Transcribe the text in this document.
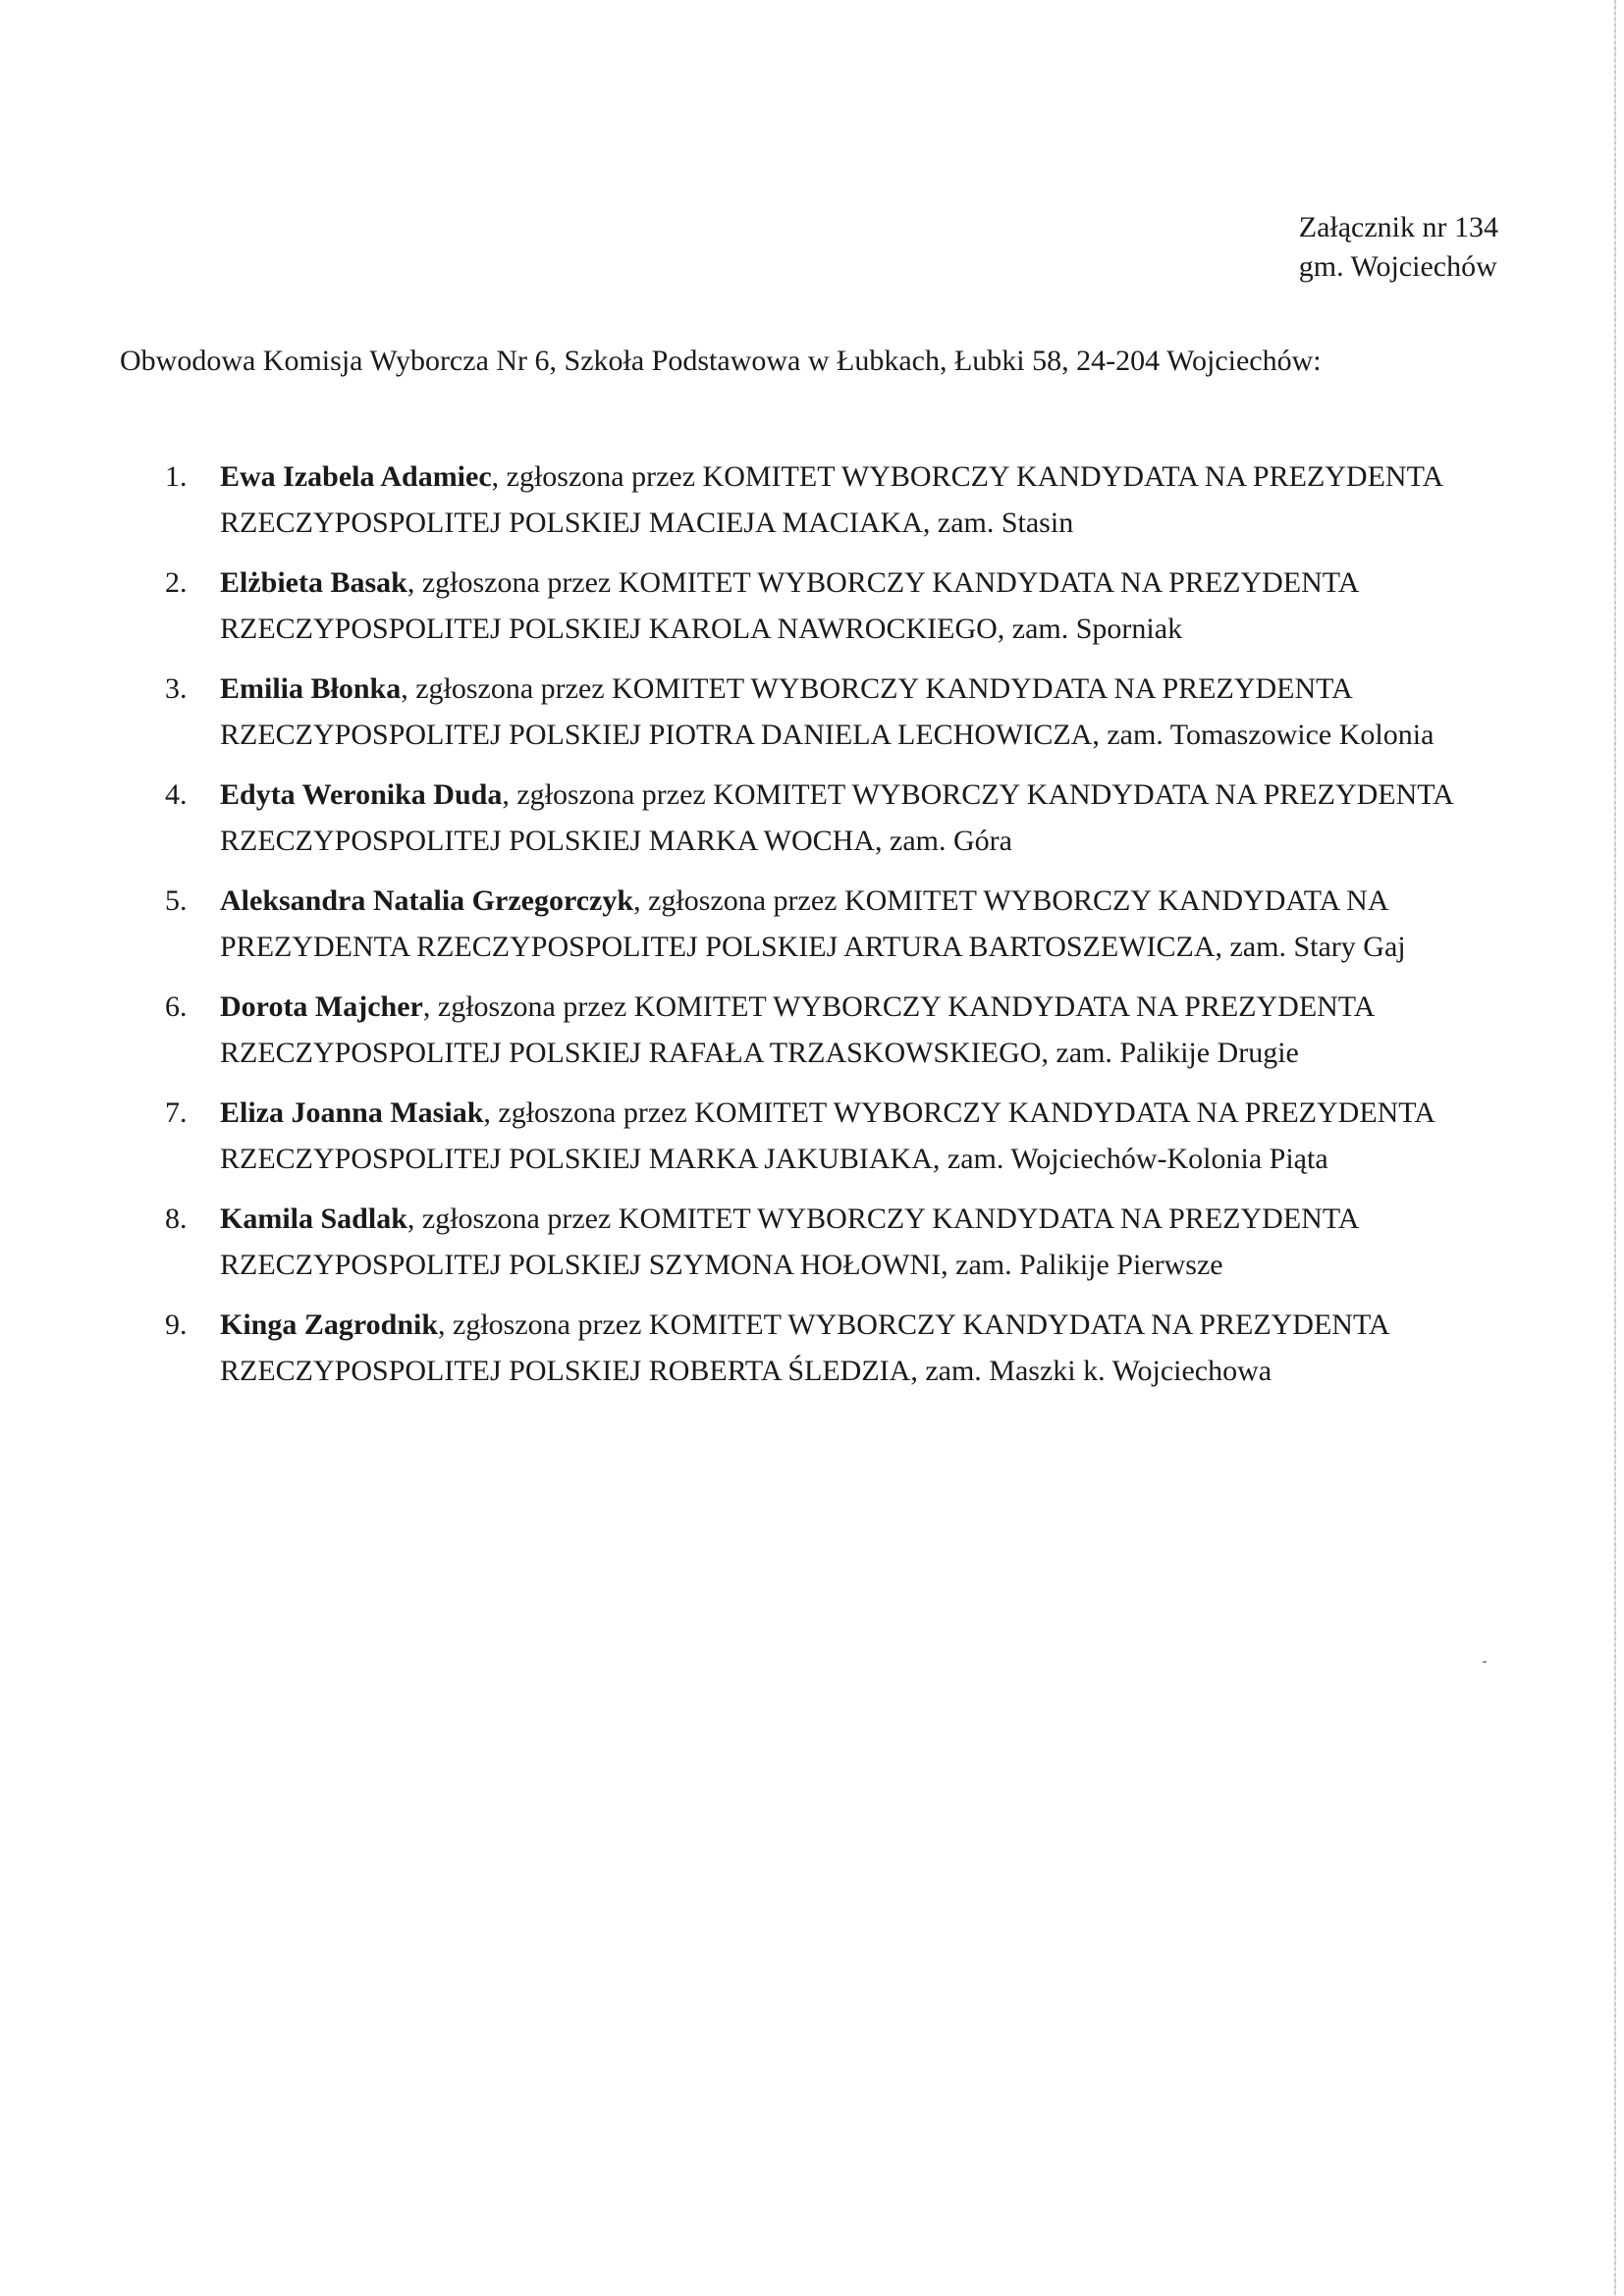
Załącznik nr 134
gm. Wojciechów
Obwodowa Komisja Wyborcza Nr 6, Szkoła Podstawowa w Łubkach, Łubki 58, 24-204 Wojciechów:
1.	Ewa Izabela Adamiec, zgłoszona przez KOMITET WYBORCZY KANDYDATA NA PREZYDENTA RZECZYPOSPOLITEJ POLSKIEJ MACIEJA MACIAKA, zam. Stasin
2.	Elżbieta Basak, zgłoszona przez KOMITET WYBORCZY KANDYDATA NA PREZYDENTA RZECZYPOSPOLITEJ POLSKIEJ KAROLA NAWROCKIEGO, zam. Sporniak
3.	Emilia Błonka, zgłoszona przez KOMITET WYBORCZY KANDYDATA NA PREZYDENTA RZECZYPOSPOLITEJ POLSKIEJ PIOTRA DANIELA LECHOWICZA, zam. Tomaszowice Kolonia
4.	Edyta Weronika Duda, zgłoszona przez KOMITET WYBORCZY KANDYDATA NA PREZYDENTA RZECZYPOSPOLITEJ POLSKIEJ MARKA WOCHA, zam. Góra
5.	Aleksandra Natalia Grzegorczyk, zgłoszona przez KOMITET WYBORCZY KANDYDATA NA PREZYDENTA RZECZYPOSPOLITEJ POLSKIEJ ARTURA BARTOSZEWICZA, zam. Stary Gaj
6.	Dorota Majcher, zgłoszona przez KOMITET WYBORCZY KANDYDATA NA PREZYDENTA RZECZYPOSPOLITEJ POLSKIEJ RAFAŁA TRZASKOWSKIEGO, zam. Palikije Drugie
7.	Eliza Joanna Masiak, zgłoszona przez KOMITET WYBORCZY KANDYDATA NA PREZYDENTA RZECZYPOSPOLITEJ POLSKIEJ MARKA JAKUBIAKA, zam. Wojciechów-Kolonia Piąta
8.	Kamila Sadlak, zgłoszona przez KOMITET WYBORCZY KANDYDATA NA PREZYDENTA RZECZYPOSPOLITEJ POLSKIEJ SZYMONA HOŁOWNI, zam. Palikije Pierwsze
9.	Kinga Zagrodnik, zgłoszona przez KOMITET WYBORCZY KANDYDATA NA PREZYDENTA RZECZYPOSPOLITEJ POLSKIEJ ROBERTA ŚLEDZIA, zam. Maszki k. Wojciechowa
